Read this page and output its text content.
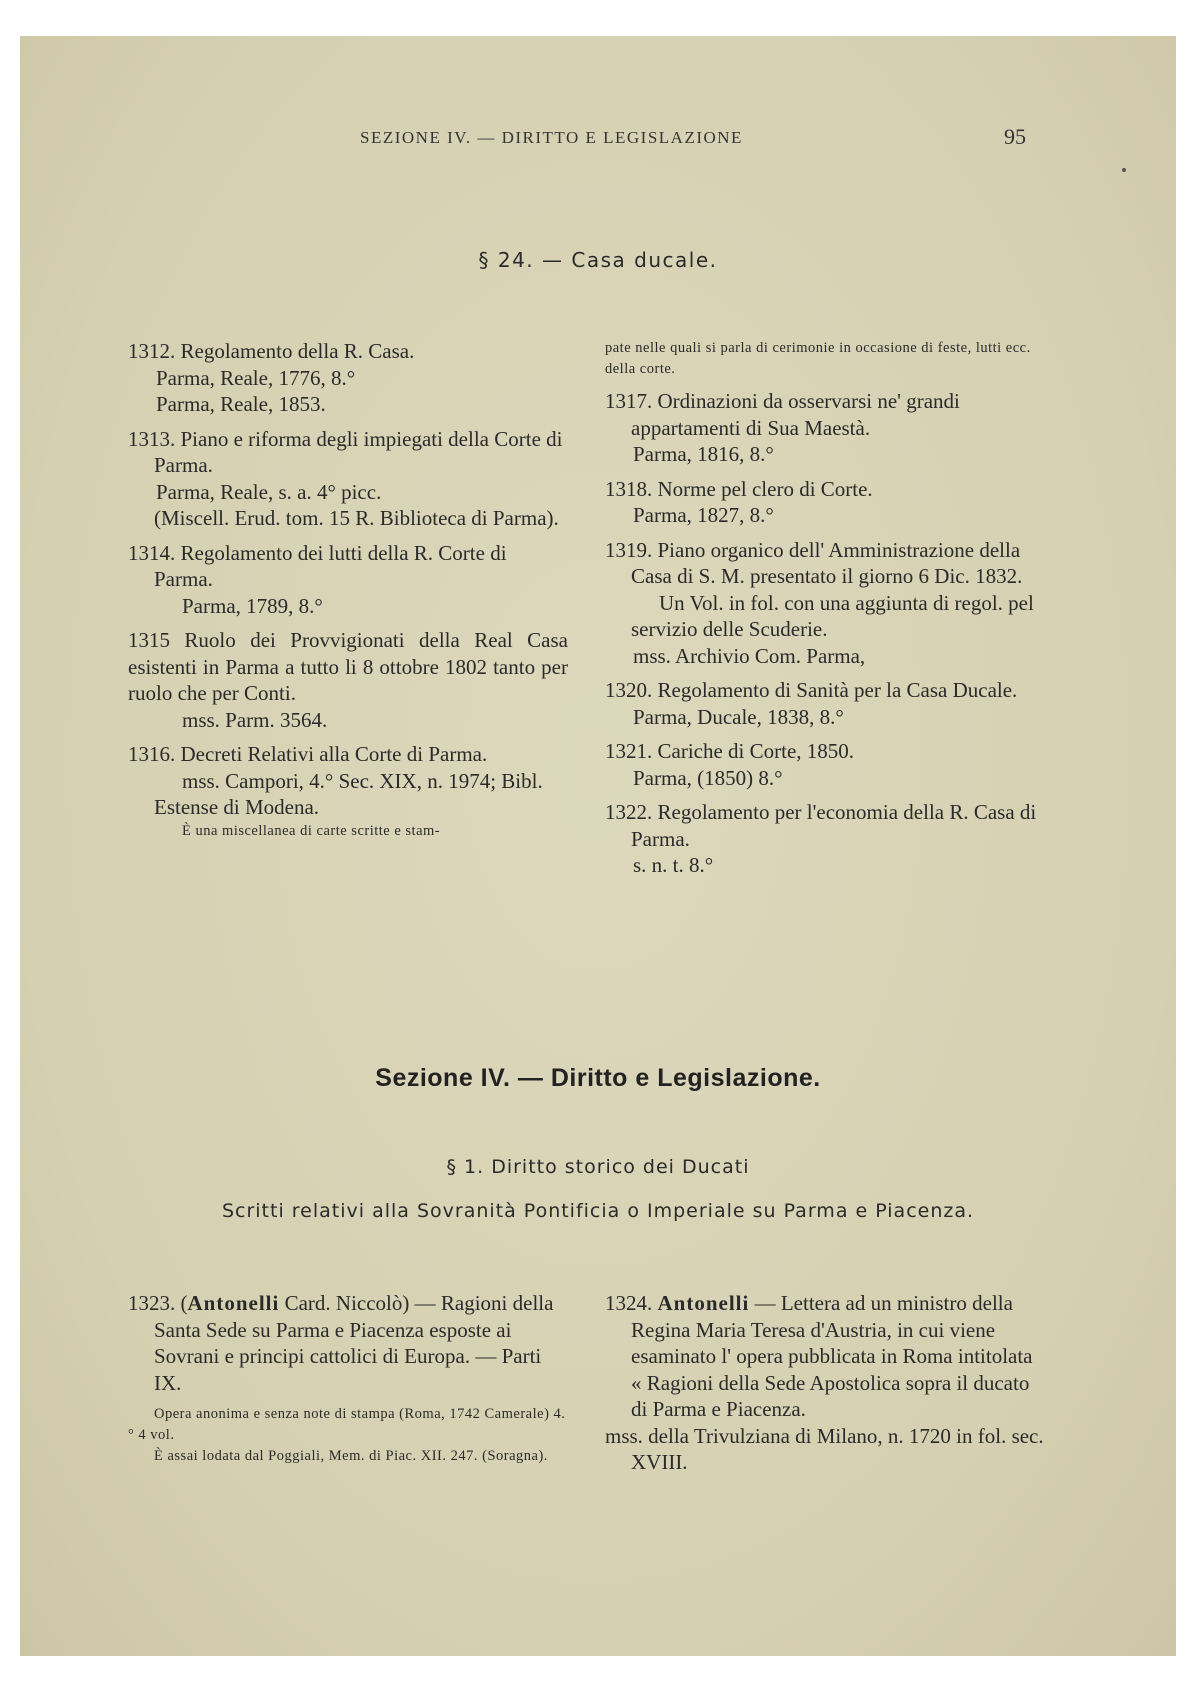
SEZIONE IV. — DIRITTO E LEGISLAZIONE	95
§ 24. — Casa ducale.

1312. Regolamento della R. Casa.

Parma, Reale, 1776, 8.°

Parma, Reale, 1853.

1313. Piano e riforma degli impiegati della Corte di Parma.

Parma, Reale, s. a. 4° picc.

(Miscell. Erud. tom. 15 R. Biblioteca di Parma).

1314. Regolamento dei lutti della R. Corte di Parma.

Parma, 1789, 8.°

1315 Ruolo dei Provvigionati della Real Casa esistenti in Parma a tutto li 8 ottobre 1802 tanto per ruolo che per Conti.

mss. Parm. 3564.

1316. Decreti Relativi alla Corte di Parma.

mss. Campori, 4.° Sec. XIX, n. 1974; Bibl. Estense di Modena.

È una miscellanea di carte scritte e stam-

pate nelle quali si parla di cerimonie in occasione di feste, lutti ecc. della corte.

1317. Ordinazioni da osservarsi ne' grandi appartamenti di Sua Maestà.

Parma, 1816, 8.°

1318. Norme pel clero di Corte.

Parma, 1827, 8.°

1319. Piano organico dell' Amministrazione della Casa di S. M. presentato il giorno 6 Dic. 1832.

Un Vol. in fol. con una aggiunta di regol. pel servizio delle Scuderie.

mss. Archivio Com. Parma,

1320. Regolamento di Sanità per la Casa Ducale.

Parma, Ducale, 1838, 8.°

1321. Cariche di Corte, 1850.

Parma, (1850) 8.°

1322. Regolamento per l'economia della R. Casa di Parma.

s. n. t. 8.°

Sezione IV. — Diritto e Legislazione.
§ 1. Diritto storico dei Ducati
Scritti relativi alla Sovranità Pontificia o Imperiale su Parma e Piacenza.

1323. (Antonelli Card. Niccolò) — Ragioni della Santa Sede su Parma e Piacenza esposte ai Sovrani e principi cattolici di Europa. — Parti IX.

Opera anonima e senza note di stampa (Roma, 1742 Camerale) 4.° 4 vol.

È assai lodata dal Poggiali, Mem. di Piac. XII. 247. (Soragna).

1324. Antonelli — Lettera ad un ministro della Regina Maria Teresa d'Austria, in cui viene esaminato l' opera pubblicata in Roma intitolata « Ragioni della Sede Apostolica sopra il ducato di Parma e Piacenza.

mss. della Trivulziana di Milano, n. 1720 in fol. sec. XVIII.
